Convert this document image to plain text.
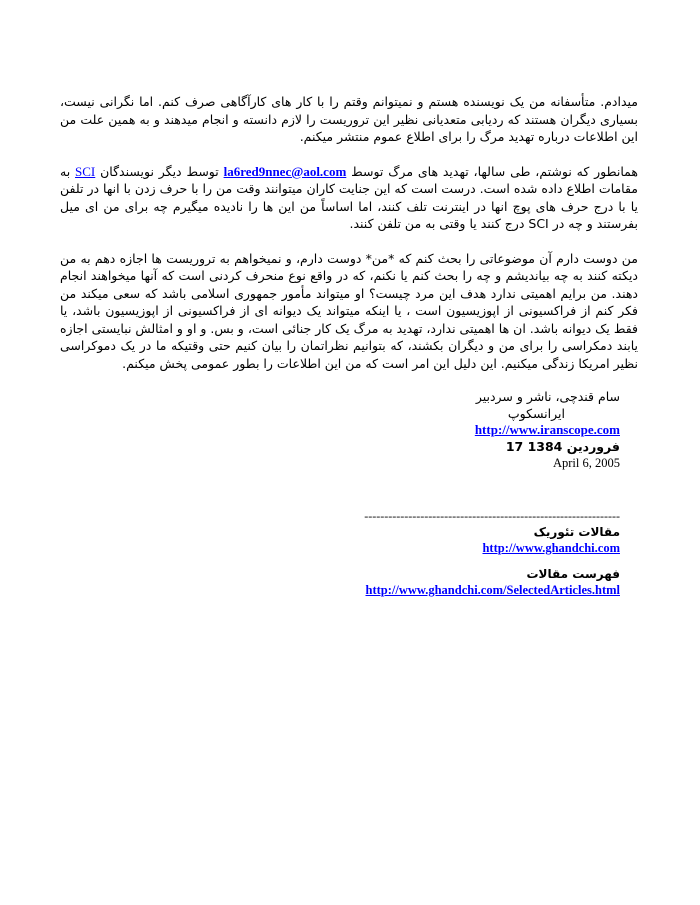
میدادم. متأسفانه من یک نویسنده هستم و نمیتوانم وقتم را با کار های کارآگاهی صرف کنم. اما نگرانی نیست، بسیاری دیگران هستند که ردیابی متعدیانی نظیر این تروریست را لازم دانسته و انجام میدهند و به همین علت من این اطلاعات درباره تهدید مرگ را برای اطلاع عموم منتشر میکنم.

همانطور که نوشتم، طی سالها، تهدید های مرگ توسط la6red9nnec@aol.com توسط دیگر نویسندگان SCI به مقامات اطلاع داده شده است. درست است که این جنایت کاران میتوانند وقت من را با حرف زدن با انها در تلفن یا با درج حرف های پوچ انها در اینترنت تلف کنند، اما اساساً من این ها را نادیده میگیرم چه برای من ای میل بفرستند و چه در SCI درج کنند یا وقتی به من تلفن کنند.

من دوست دارم آن موضوعاتی را بحث کنم که *من* دوست دارم، و نمیخواهم به تروریست ها اجازه دهم به من دیکته کنند به چه بیاندیشم و چه را بحث کنم یا نکنم، که در واقع نوع منحرف کردنی است که آنها میخواهند انجام دهند. من برایم اهمیتی ندارد هدف این مرد چیست؟ او میتواند مأمور جمهوری اسلامی باشد که سعی میکند من فکر کنم از فراکسیونی از اپوزیسیون است ، یا اینکه میتواند یک دیوانه ای از فراکسیونی از اپوزیسیون باشد، یا فقط یک دیوانه باشد. ان ها اهمیتی ندارد، تهدید به مرگ یک کار جنائی است، و بس. و او و امثالش نبایستی اجازه یابند دمکراسی را برای من و دیگران بکشند، که بتوانیم نظراتمان را بیان کنیم حتی وقتیکه ما در یک دموکراسی نظیر امریکا زندگی میکنیم. این دلیل این امر است که من این اطلاعات را بطور عمومی پخش میکنم.

سام قندچی، ناشر و سردبیر
ایرانسکوپ
http://www.iranscope.com
17 فروردین 1384
April 6, 2005
----------------------------------------------------------------
مقالات تئوریک
http://www.ghandchi.com
فهرست مقالات
http://www.ghandchi.com/SelectedArticles.html
